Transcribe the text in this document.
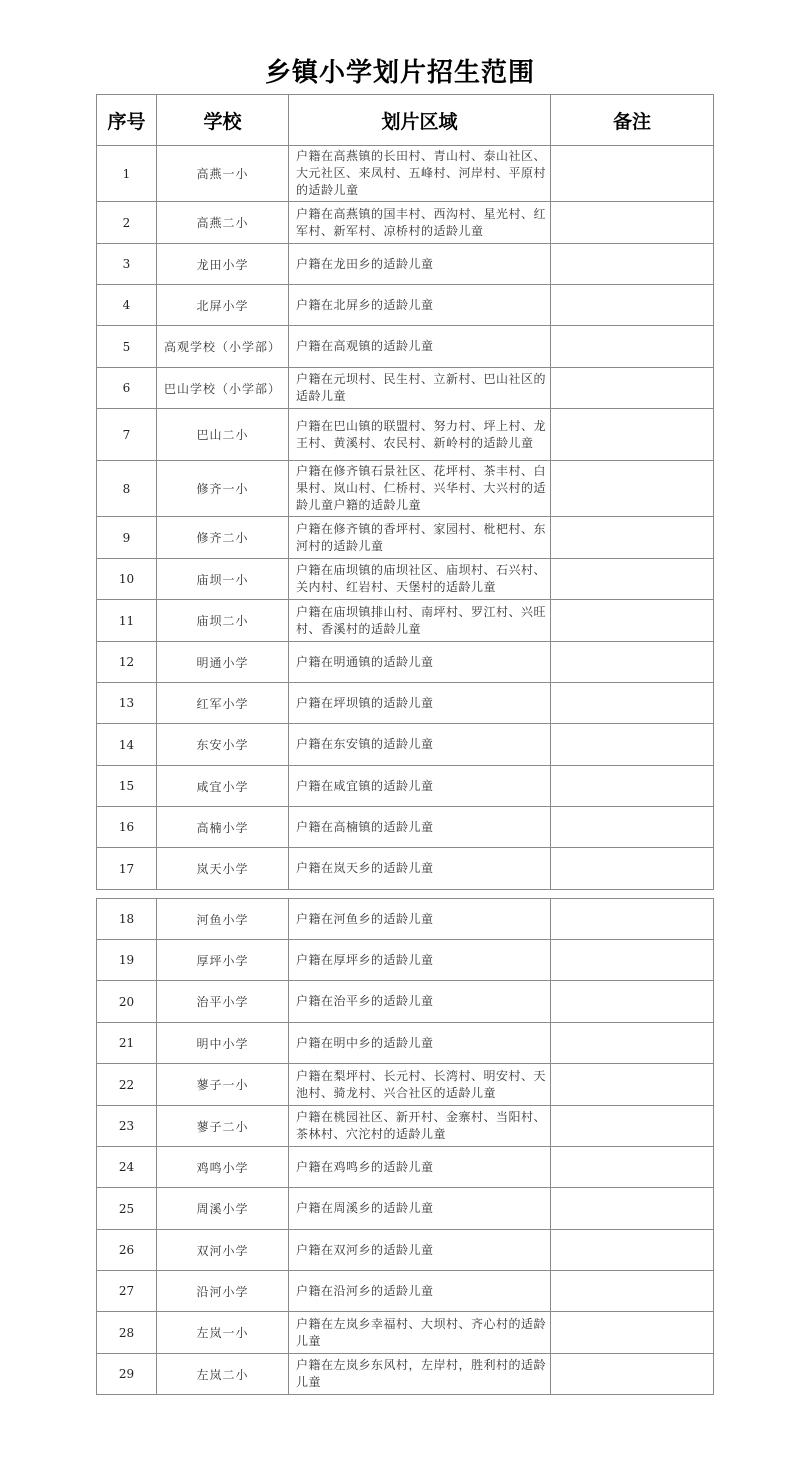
乡镇小学划片招生范围
序号	学校	划片区域	备注
1	高燕一小	户籍在高燕镇的长田村、青山村、泰山社区、大元社区、来凤村、五峰村、河岸村、平原村的适龄儿童	
2	高燕二小	户籍在高燕镇的国丰村、西沟村、星光村、红军村、新军村、凉桥村的适龄儿童	
3	龙田小学	户籍在龙田乡的适龄儿童	
4	北屏小学	户籍在北屏乡的适龄儿童	
5	高观学校（小学部）	户籍在高观镇的适龄儿童	
6	巴山学校（小学部）	户籍在元坝村、民生村、立新村、巴山社区的适龄儿童	
7	巴山二小	户籍在巴山镇的联盟村、努力村、坪上村、龙王村、黄溪村、农民村、新岭村的适龄儿童	
8	修齐一小	户籍在修齐镇石景社区、花坪村、茶丰村、白果村、岚山村、仁桥村、兴华村、大兴村的适龄儿童户籍的适龄儿童	
9	修齐二小	户籍在修齐镇的香坪村、家园村、枇杷村、东河村的适龄儿童	
10	庙坝一小	户籍在庙坝镇的庙坝社区、庙坝村、石兴村、关内村、红岩村、天堡村的适龄儿童	
11	庙坝二小	户籍在庙坝镇排山村、南坪村、罗江村、兴旺村、香溪村的适龄儿童	
12	明通小学	户籍在明通镇的适龄儿童	
13	红军小学	户籍在坪坝镇的适龄儿童	
14	东安小学	户籍在东安镇的适龄儿童	
15	咸宜小学	户籍在咸宜镇的适龄儿童	
16	高楠小学	户籍在高楠镇的适龄儿童	
17	岚天小学	户籍在岚天乡的适龄儿童	
18	河鱼小学	户籍在河鱼乡的适龄儿童	
19	厚坪小学	户籍在厚坪乡的适龄儿童	
20	治平小学	户籍在治平乡的适龄儿童	
21	明中小学	户籍在明中乡的适龄儿童	
22	蓼子一小	户籍在梨坪村、长元村、长湾村、明安村、天池村、骑龙村、兴合社区的适龄儿童	
23	蓼子二小	户籍在桃园社区、新开村、金寨村、当阳村、茶林村、穴沱村的适龄儿童	
24	鸡鸣小学	户籍在鸡鸣乡的适龄儿童	
25	周溪小学	户籍在周溪乡的适龄儿童	
26	双河小学	户籍在双河乡的适龄儿童	
27	沿河小学	户籍在沿河乡的适龄儿童	
28	左岚一小	户籍在左岚乡幸福村、大坝村、齐心村的适龄儿童	
29	左岚二小	户籍在左岚乡东风村，左岸村，胜利村的适龄儿童	
